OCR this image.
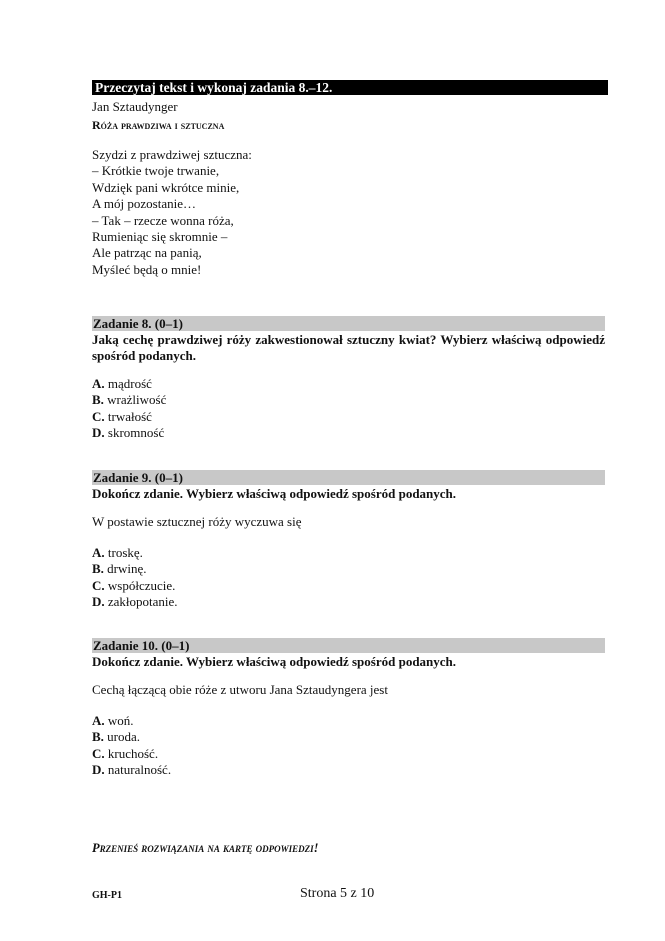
Przeczytaj tekst i wykonaj zadania 8.–12.
Jan Sztaudynger
Róża prawdziwa i sztuczna
Szydzi z prawdziwej sztuczna:
– Krótkie twoje trwanie,
Wdzięk pani wkrótce minie,
A mój pozostanie…
– Tak – rzecze wonna róża,
Rumieniąc się skromnie –
Ale patrząc na panią,
Myśleć będą o mnie!
Zadanie 8. (0–1)
Jaką cechę prawdziwej róży zakwestionował sztuczny kwiat? Wybierz właściwą odpowiedź spośród podanych.
A. mądrość
B. wrażliwość
C. trwałość
D. skromność
Zadanie 9. (0–1)
Dokończ zdanie. Wybierz właściwą odpowiedź spośród podanych.
W postawie sztucznej róży wyczuwa się
A. troskę.
B. drwinę.
C. współczucie.
D. zakłopotanie.
Zadanie 10. (0–1)
Dokończ zdanie. Wybierz właściwą odpowiedź spośród podanych.
Cechą łączącą obie róże z utworu Jana Sztaudyngera jest
A. woń.
B. uroda.
C. kruchość.
D. naturalność.
Przenieś rozwiązania na kartę odpowiedzi!
GH-P1	Strona 5 z 10
